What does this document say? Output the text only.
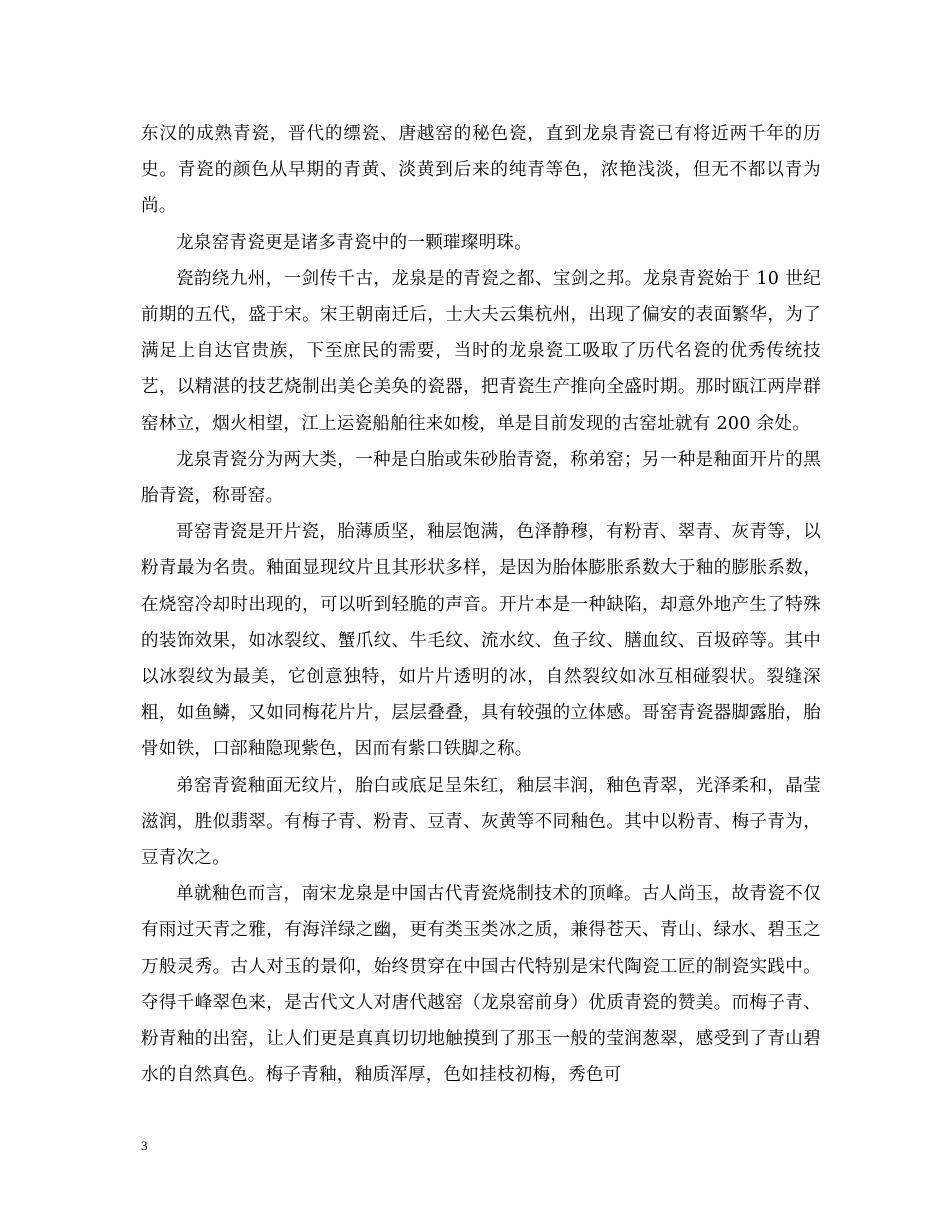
东汉的成熟青瓷，晋代的缥瓷、唐越窑的秘色瓷，直到龙泉青瓷已有将近两千年的历史。青瓷的颜色从早期的青黄、淡黄到后来的纯青等色，浓艳浅淡，但无不都以青为尚。

龙泉窑青瓷更是诸多青瓷中的一颗璀璨明珠。

瓷韵绕九州，一剑传千古，龙泉是的青瓷之都、宝剑之邦。龙泉青瓷始于 10 世纪前期的五代，盛于宋。宋王朝南迁后，士大夫云集杭州，出现了偏安的表面繁华，为了满足上自达官贵族，下至庶民的需要，当时的龙泉瓷工吸取了历代名瓷的优秀传统技艺，以精湛的技艺烧制出美仑美奂的瓷器，把青瓷生产推向全盛时期。那时瓯江两岸群窑林立，烟火相望，江上运瓷船舶往来如梭，单是目前发现的古窑址就有 200 余处。

龙泉青瓷分为两大类，一种是白胎或朱砂胎青瓷，称弟窑；另一种是釉面开片的黑胎青瓷，称哥窑。

哥窑青瓷是开片瓷，胎薄质坚，釉层饱满，色泽静穆，有粉青、翠青、灰青等，以粉青最为名贵。釉面显现纹片且其形状多样，是因为胎体膨胀系数大于釉的膨胀系数，在烧窑冷却时出现的，可以听到轻脆的声音。开片本是一种缺陷，却意外地产生了特殊的装饰效果，如冰裂纹、蟹爪纹、牛毛纹、流水纹、鱼子纹、膳血纹、百圾碎等。其中以冰裂纹为最美，它创意独特，如片片透明的冰，自然裂纹如冰互相碰裂状。裂缝深粗，如鱼鳞，又如同梅花片片，层层叠叠，具有较强的立体感。哥窑青瓷器脚露胎，胎骨如铁，口部釉隐现紫色，因而有紫口铁脚之称。

弟窑青瓷釉面无纹片，胎白或底足呈朱红，釉层丰润，釉色青翠，光泽柔和，晶莹滋润，胜似翡翠。有梅子青、粉青、豆青、灰黄等不同釉色。其中以粉青、梅子青为，豆青次之。

单就釉色而言，南宋龙泉是中国古代青瓷烧制技术的顶峰。古人尚玉，故青瓷不仅有雨过天青之雅，有海洋绿之幽，更有类玉类冰之质，兼得苍天、青山、绿水、碧玉之万般灵秀。古人对玉的景仰，始终贯穿在中国古代特别是宋代陶瓷工匠的制瓷实践中。夺得千峰翠色来，是古代文人对唐代越窑（龙泉窑前身）优质青瓷的赞美。而梅子青、粉青釉的出窑，让人们更是真真切切地触摸到了那玉一般的莹润葱翠，感受到了青山碧水的自然真色。梅子青釉，釉质浑厚，色如挂枝初梅，秀色可

3
